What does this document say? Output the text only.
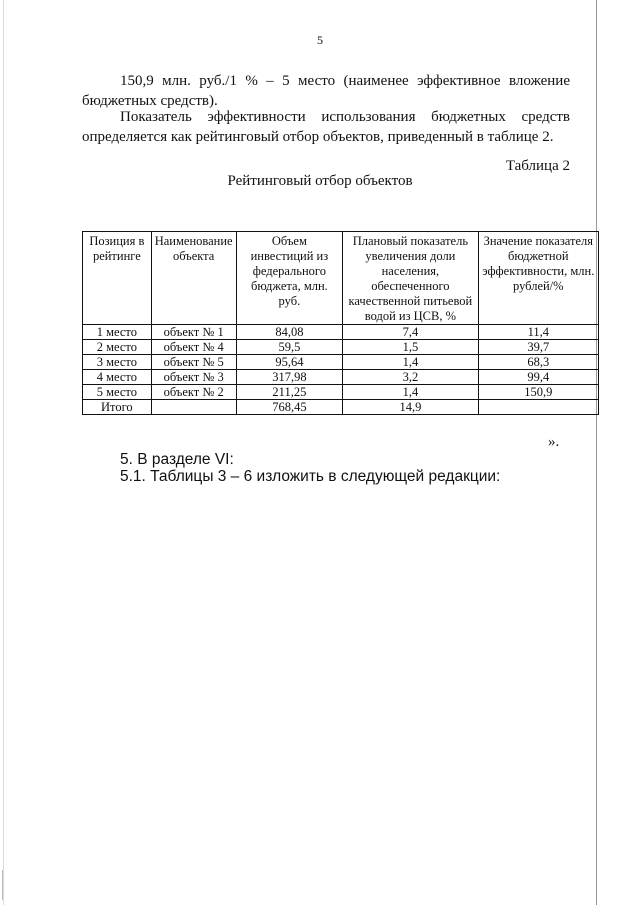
5
150,9 млн. руб./1 % – 5 место (наименее эффективное вложение бюджетных средств).
Показатель эффективности использования бюджетных средств определяется как рейтинговый отбор объектов, приведенный в таблице 2.
Таблица 2
Рейтинговый отбор объектов
Позиция в рейтинге	Наименование объекта	Объем инвестиций из федерального бюджета, млн. руб.	Плановый показатель увеличения доли населения, обеспеченного качественной питьевой водой из ЦСВ, %	Значение показателя бюджетной эффективности, млн. рублей/%
1 место	объект № 1	84,08	7,4	11,4
2 место	объект № 4	59,5	1,5	39,7
3 место	объект № 5	95,64	1,4	68,3
4 место	объект № 3	317,98	3,2	99,4
5 место	объект № 2	211,25	1,4	150,9
Итого		768,45	14,9	
».
5. В разделе VI:
5.1. Таблицы 3 – 6 изложить в следующей редакции:
